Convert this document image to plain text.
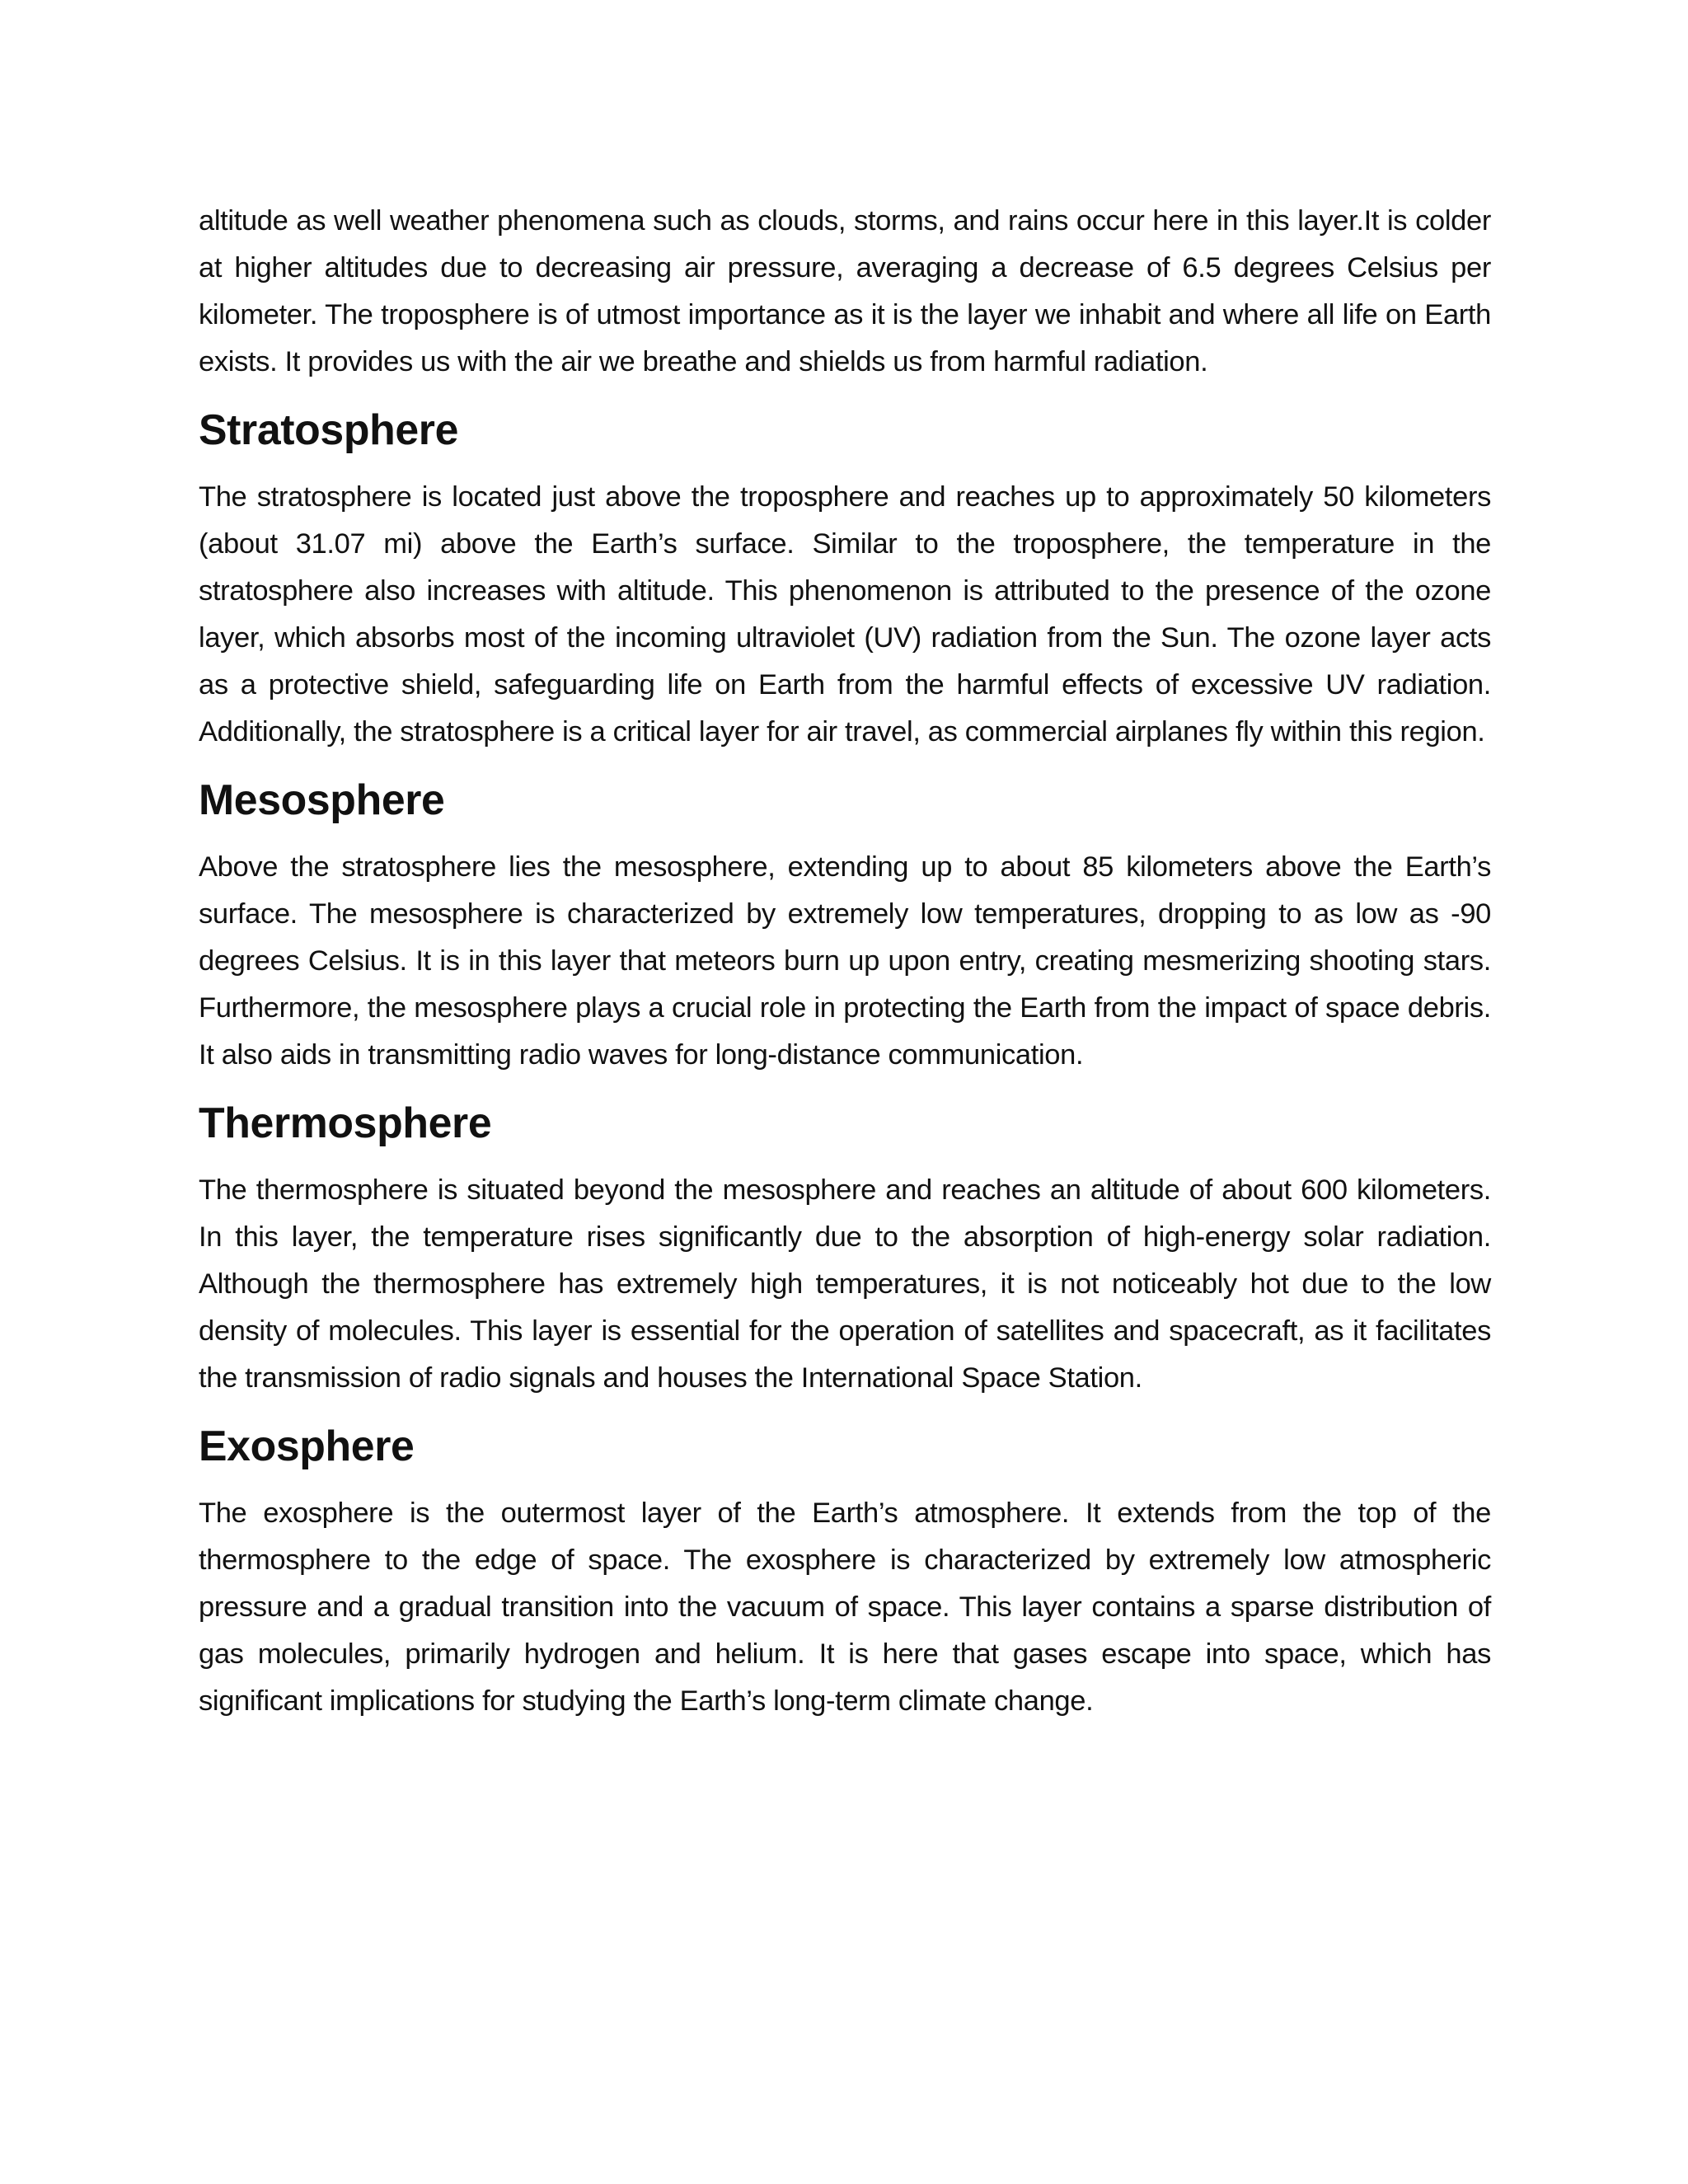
altitude as well weather phenomena such as clouds, storms, and rains occur here in this layer.It is colder at higher altitudes due to decreasing air pressure, averaging a decrease of 6.5 degrees Celsius per kilometer. The troposphere is of utmost importance as it is the layer we inhabit and where all life on Earth exists. It provides us with the air we breathe and shields us from harmful radiation.

Stratosphere

The stratosphere is located just above the troposphere and reaches up to approximately 50 kilometers (about 31.07 mi) above the Earth’s surface. Similar to the troposphere, the temperature in the stratosphere also increases with altitude. This phenomenon is attributed to the presence of the ozone layer, which absorbs most of the incoming ultraviolet (UV) radiation from the Sun. The ozone layer acts as a protective shield, safeguarding life on Earth from the harmful effects of excessive UV radiation. Additionally, the stratosphere is a critical layer for air travel, as commercial airplanes fly within this region.

Mesosphere

Above the stratosphere lies the mesosphere, extending up to about 85 kilometers above the Earth’s surface. The mesosphere is characterized by extremely low temperatures, dropping to as low as -90 degrees Celsius. It is in this layer that meteors burn up upon entry, creating mesmerizing shooting stars. Furthermore, the mesosphere plays a crucial role in protecting the Earth from the impact of space debris. It also aids in transmitting radio waves for long-distance communication.

Thermosphere

The thermosphere is situated beyond the mesosphere and reaches an altitude of about 600 kilometers. In this layer, the temperature rises significantly due to the absorption of high-energy solar radiation. Although the thermosphere has extremely high temperatures, it is not noticeably hot due to the low density of molecules. This layer is essential for the operation of satellites and spacecraft, as it facilitates the transmission of radio signals and houses the International Space Station.

Exosphere

The exosphere is the outermost layer of the Earth’s atmosphere. It extends from the top of the thermosphere to the edge of space. The exosphere is characterized by extremely low atmospheric pressure and a gradual transition into the vacuum of space. This layer contains a sparse distribution of gas molecules, primarily hydrogen and helium. It is here that gases escape into space, which has significant implications for studying the Earth’s long-term climate change.
